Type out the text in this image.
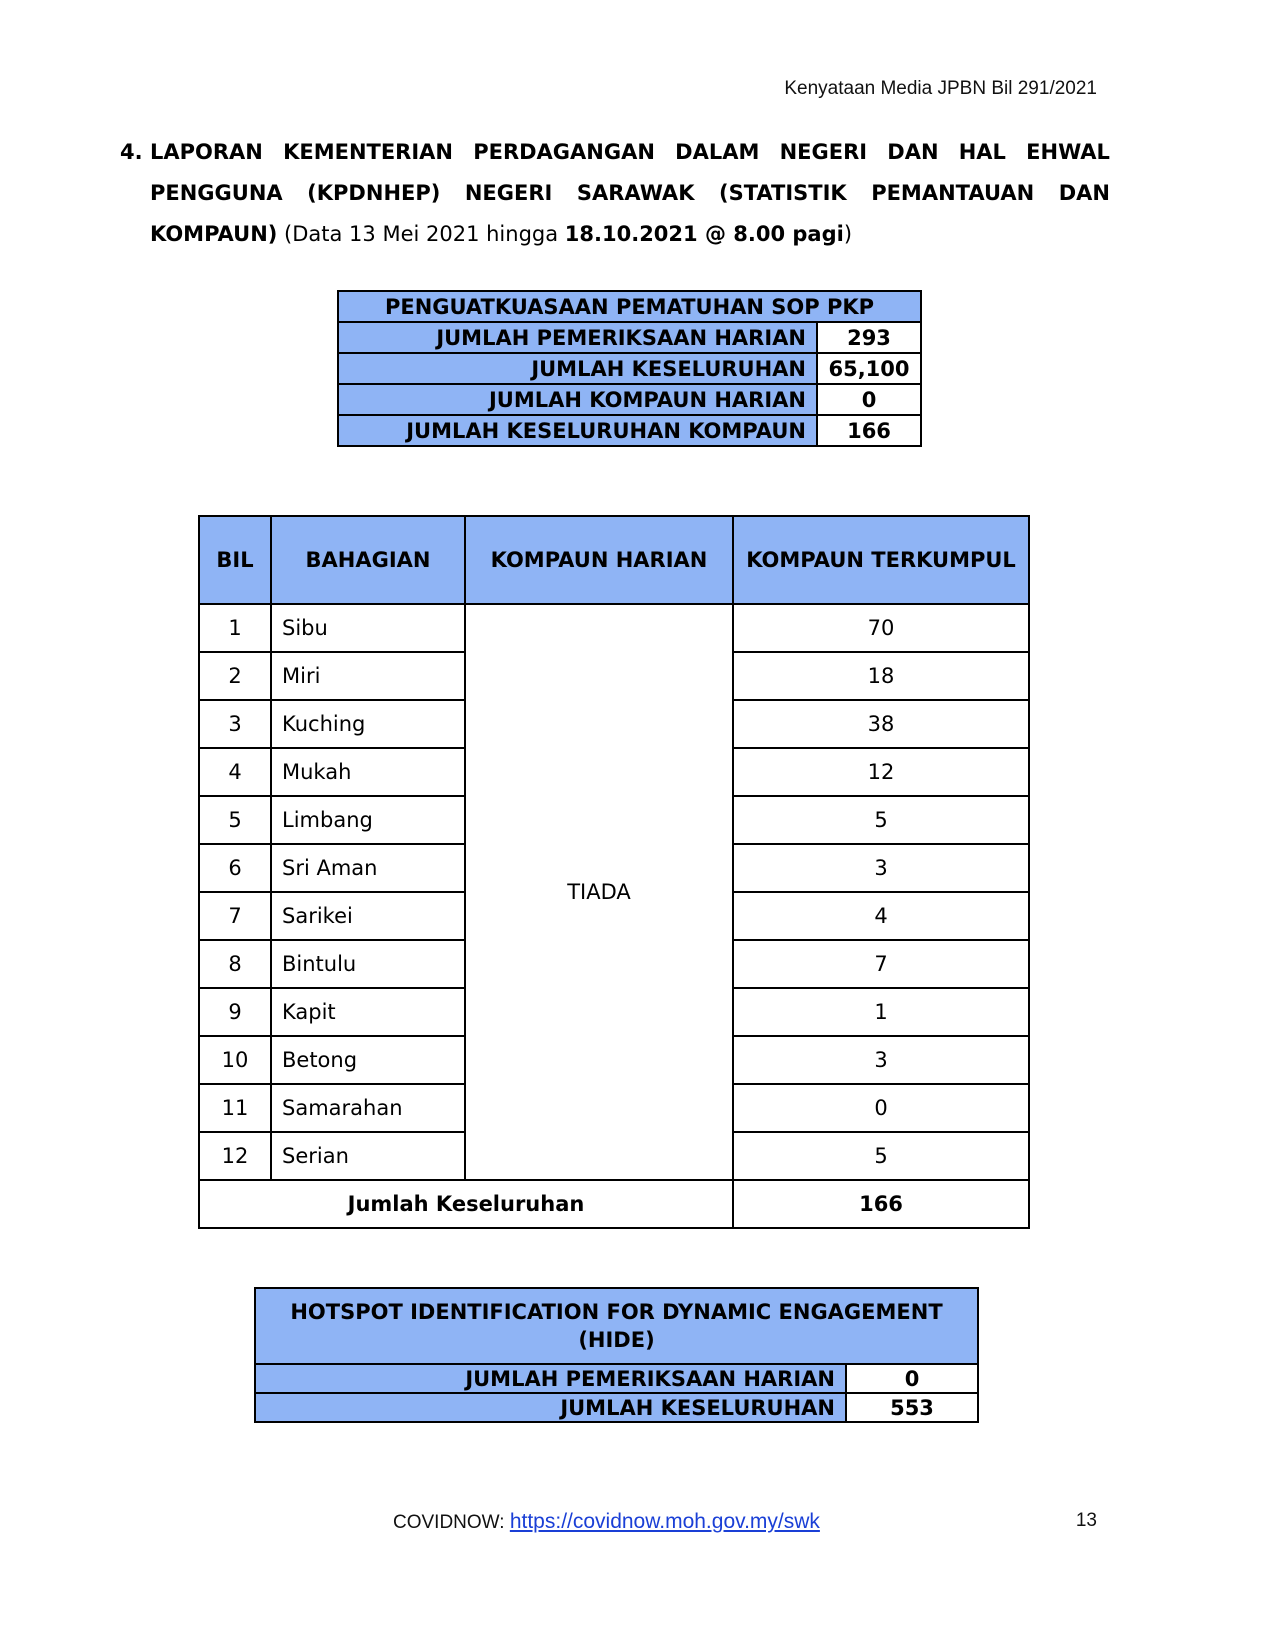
Kenyataan Media JPBN Bil 291/2021
4. LAPORAN KEMENTERIAN PERDAGANGAN DALAM NEGERI DAN HAL EHWAL
PENGGUNA (KPDNHEP) NEGERI SARAWAK (STATISTIK PEMANTAUAN DAN
KOMPAUN) (Data 13 Mei 2021 hingga 18.10.2021 @ 8.00 pagi)
PENGUATKUASAAN PEMATUHAN SOP PKP	
JUMLAH PEMERIKSAAN HARIAN	293
JUMLAH KESELURUHAN	65,100
JUMLAH KOMPAUN HARIAN	0
JUMLAH KESELURUHAN KOMPAUN	166
BIL	BAHAGIAN	KOMPAUN HARIAN	KOMPAUN TERKUMPUL
1	Sibu	TIADA	70
2	Miri		18
3	Kuching		38
4	Mukah		12
5	Limbang		5
6	Sri Aman		3
7	Sarikei		4
8	Bintulu		7
9	Kapit		1
10	Betong		3
11	Samarahan		0
12	Serian		5
Jumlah Keseluruhan			166
HOTSPOT IDENTIFICATION FOR DYNAMIC ENGAGEMENT (HIDE)	
JUMLAH PEMERIKSAAN HARIAN	0
JUMLAH KESELURUHAN	553
COVIDNOW: https://covidnow.moh.gov.my/swk	13
